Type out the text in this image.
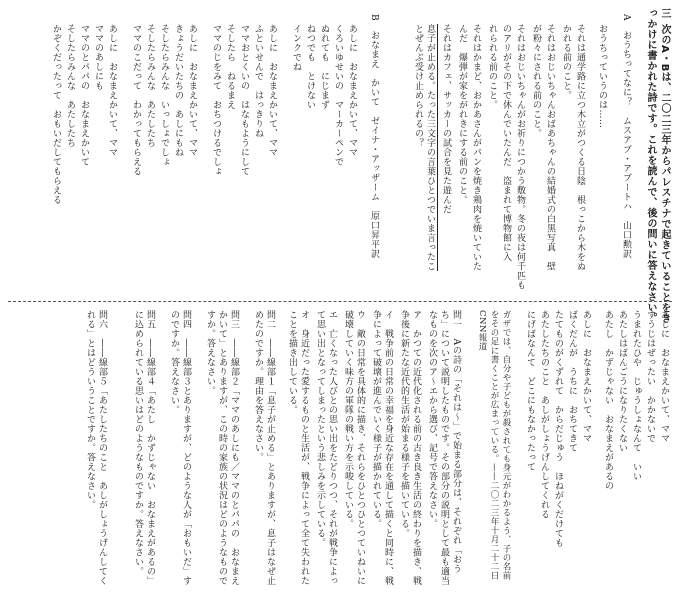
三
次のA・Bは、二〇二三年からパレスチナで起きていることをき
っかけに書かれた詩です。これを読んで、後の問いに答えなさい。
A　おうちってなに？　ムスアブ・アブートハ　山口勲訳
おうちっていうのは……
それは通学路に立つ木立がつくる日陰　根っこから木をぬ
かれる前のこと。
それはおじいちゃんおばあちゃんの結婚式の白黒写真　壁
が粉々にされる前のこと。
それはおじいちゃんがお祈りにつかう敷物。冬の夜は何千匹も
のアリがその下で休んでいたんだ　盗まれて博物館に入
れられる前のこと。
それはかまど、おかあさんがパンを焼き鶏肉を焼いていた
んだ　爆弾が家をがれきにする前のこと。
それはカフェ、サッカーの試合を見た遊んだ
息子が止める。たった三文字の言葉ひとつでいま言ったこ
とぜんぶ受け止められるの？
B　おなまえ　かいて　ゼイナ・アッザーム　原口昇平訳
あしに　おなまえかいて、ママ
くろいゆせいの　マーカーペンで
ぬれても　にじまず
ねつでも　とけない
インクでね
あしに　おなまえかいて、ママ
ふといせんで　はっきりね
ママおとくいの　はなもようにして
そしたら　ねるまえ
ママのじをみて　おちつけるでしょ
あしに　おなまえかいて、ママ
きょうだいたちの　あしにもね
そしたらみんな　いっしょでしょ
そしたらみんな　あたしたち
ママのこだって　わかってもらえる
あしに　おなまえかいて、ママ
ママのあしにも
ママのとパパの　おなまえかいて
そしたらみんな　あたしたち
かぞくだったって　おもいだしてもらえる
あしに　おなまえかいて、ママ
すうじはぜったい　かかないで
うまれたひや　じゅうしょなんて　いい
あたしはばんごうになりたくない
あたし　かずじゃない　おなまえがあるの
あしに　おなまえかいて、ママ
ばくだんが　うちに　おちてきて
たてものがくずれて　からだじゅう　ほねがくだけても
あたしたちのこと　あしがしょうげんしてくれる
にげばなんて　どこにもなかったって
ガザでは、自分や子どもが殺されても身元がわかるよう、子の名前をその足に書くことが広まっている。——二〇二三年十月二十二日　CNN報道
問一　Aの詩の「それは〜」で始まる部分は、それぞれ「おうち」について説明したものです。その部分の説明として最も適当なものを次のア〜エから選び、記号で答えなさい。
ア　かつての近代化される前の古き良き生活の終わりを描き、戦争後に新たな近代的生活が始まる様子を描いている。
イ　戦争前の日常の幸福を身近な存在を通して描くと同時に、戦争によって破壊が進んでいく様子が描かれている。
ウ　敵の日常を具体的に描き、それらをひとつひとつていねいに破壊していく味方の軍隊の戦い方を示唆している。
エ　亡くなった人びとの思い出をたどりつつ、それが戦争によって思い出となってしまったという悲しみを示している。
オ　身近だった愛するものと生活が、戦争によって全て失われたことを描き出している。
問二　――線部１「息子が止める」とありますが、息子はなぜ止めたのですか。理由を答えなさい。
問三　――線部２「ママのあしにも／ママのとパパの　おなまえかいて」とありますが、この時の家族の状況はどのようなものですか。答えなさい。
問四　――線部３とありますが、どのような人が「おもいだ」すのですか。答えなさい。
問五　――線部４「あたし　かずじゃない　おなまえがあるの」に込められている思いはどのようなものですか。答えなさい。
問六　――線部５「あたしたちのこと　あしがしょうげんしてくれる」とはどういうことですか。答えなさい。
